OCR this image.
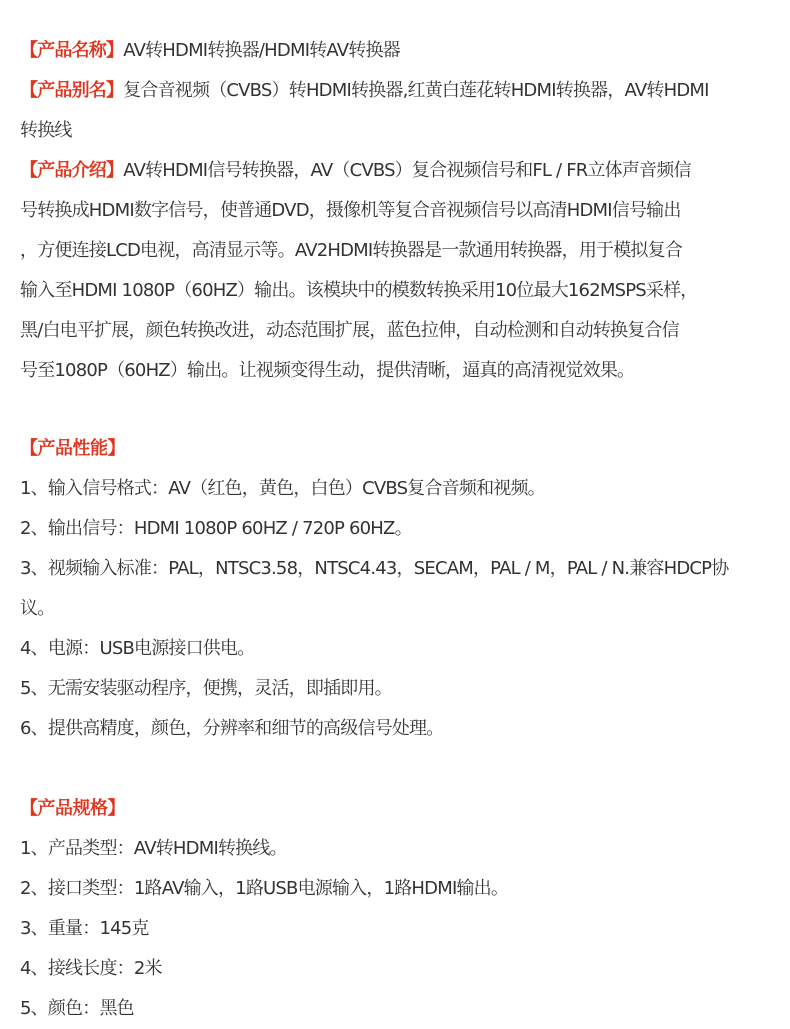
【产品名称】AV转HDMI转换器/HDMI转AV转换器
【产品别名】复合音视频（CVBS）转HDMI转换器,红黄白莲花转HDMI转换器，AV转HDMI
转换线
【产品介绍】AV转HDMI信号转换器，AV（CVBS）复合视频信号和FL / FR立体声音频信
号转换成HDMI数字信号，使普通DVD，摄像机等复合音视频信号以高清HDMI信号输出
，方便连接LCD电视，高清显示等。AV2HDMI转换器是一款通用转换器，用于模拟复合
输入至HDMI 1080P（60HZ）输出。该模块中的模数转换采用10位最大162MSPS采样，
黑/白电平扩展，颜色转换改进，动态范围扩展，蓝色拉伸，自动检测和自动转换复合信
号至1080P（60HZ）输出。让视频变得生动，提供清晰，逼真的高清视觉效果。
【产品性能】
1、输入信号格式：AV（红色，黄色，白色）CVBS复合音频和视频。
2、输出信号：HDMI 1080P 60HZ / 720P 60HZ。
3、视频输入标准：PAL，NTSC3.58，NTSC4.43，SECAM，PAL / M，PAL / N.兼容HDCP协
议。
4、电源：USB电源接口供电。
5、无需安装驱动程序，便携，灵活，即插即用。
6、提供高精度，颜色，分辨率和细节的高级信号处理。
【产品规格】
1、产品类型：AV转HDMI转换线。
2、接口类型：1路AV输入，1路USB电源输入，1路HDMI输出。
3、重量：145克
4、接线长度：2米
5、颜色：黑色
